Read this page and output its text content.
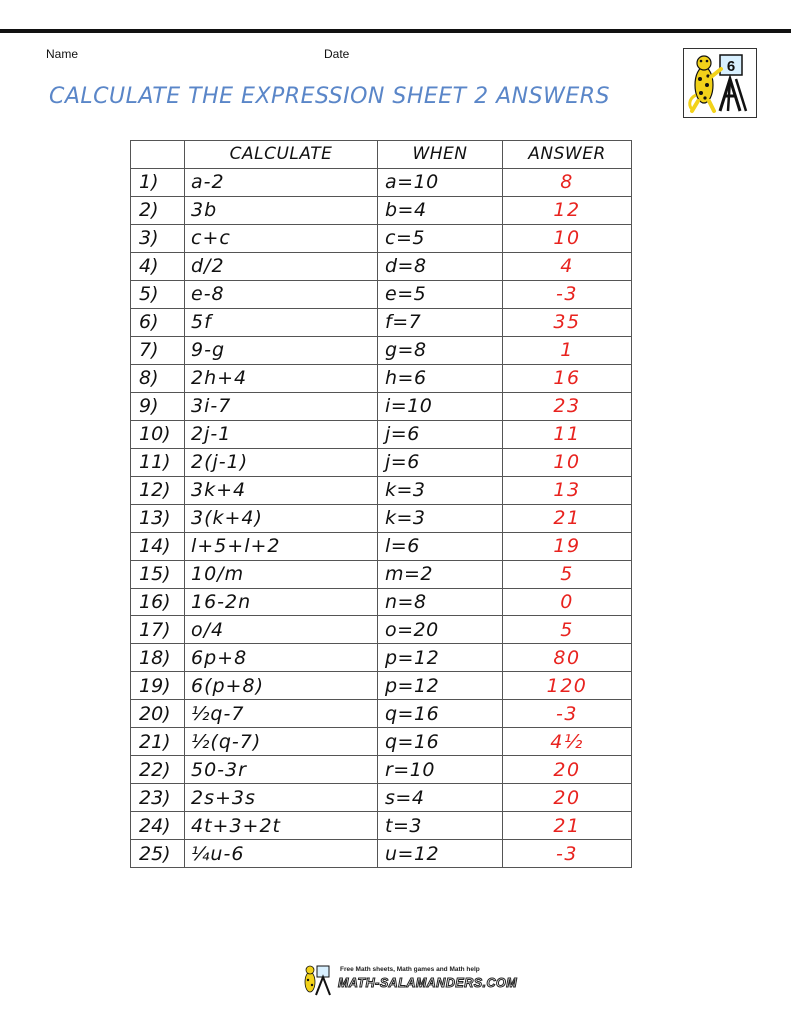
Name	Date
CALCULATE THE EXPRESSION SHEET 2 ANSWERS
6
	CALCULATE	WHEN	ANSWER
1)	a-2	a=10	8
2)	3b	b=4	12
3)	c+c	c=5	10
4)	d/2	d=8	4
5)	e-8	e=5	-3
6)	5f	f=7	35
7)	9-g	g=8	1
8)	2h+4	h=6	16
9)	3i-7	i=10	23
10)	2j-1	j=6	11
11)	2(j-1)	j=6	10
12)	3k+4	k=3	13
13)	3(k+4)	k=3	21
14)	l+5+l+2	l=6	19
15)	10/m	m=2	5
16)	16-2n	n=8	0
17)	o/4	o=20	5
18)	6p+8	p=12	80
19)	6(p+8)	p=12	120
20)	½q-7	q=16	-3
21)	½(q-7)	q=16	4½
22)	50-3r	r=10	20
23)	2s+3s	s=4	20
24)	4t+3+2t	t=3	21
25)	¼u-6	u=12	-3
Free Math sheets, Math games and Math help
MATH-SALAMANDERS.COM
